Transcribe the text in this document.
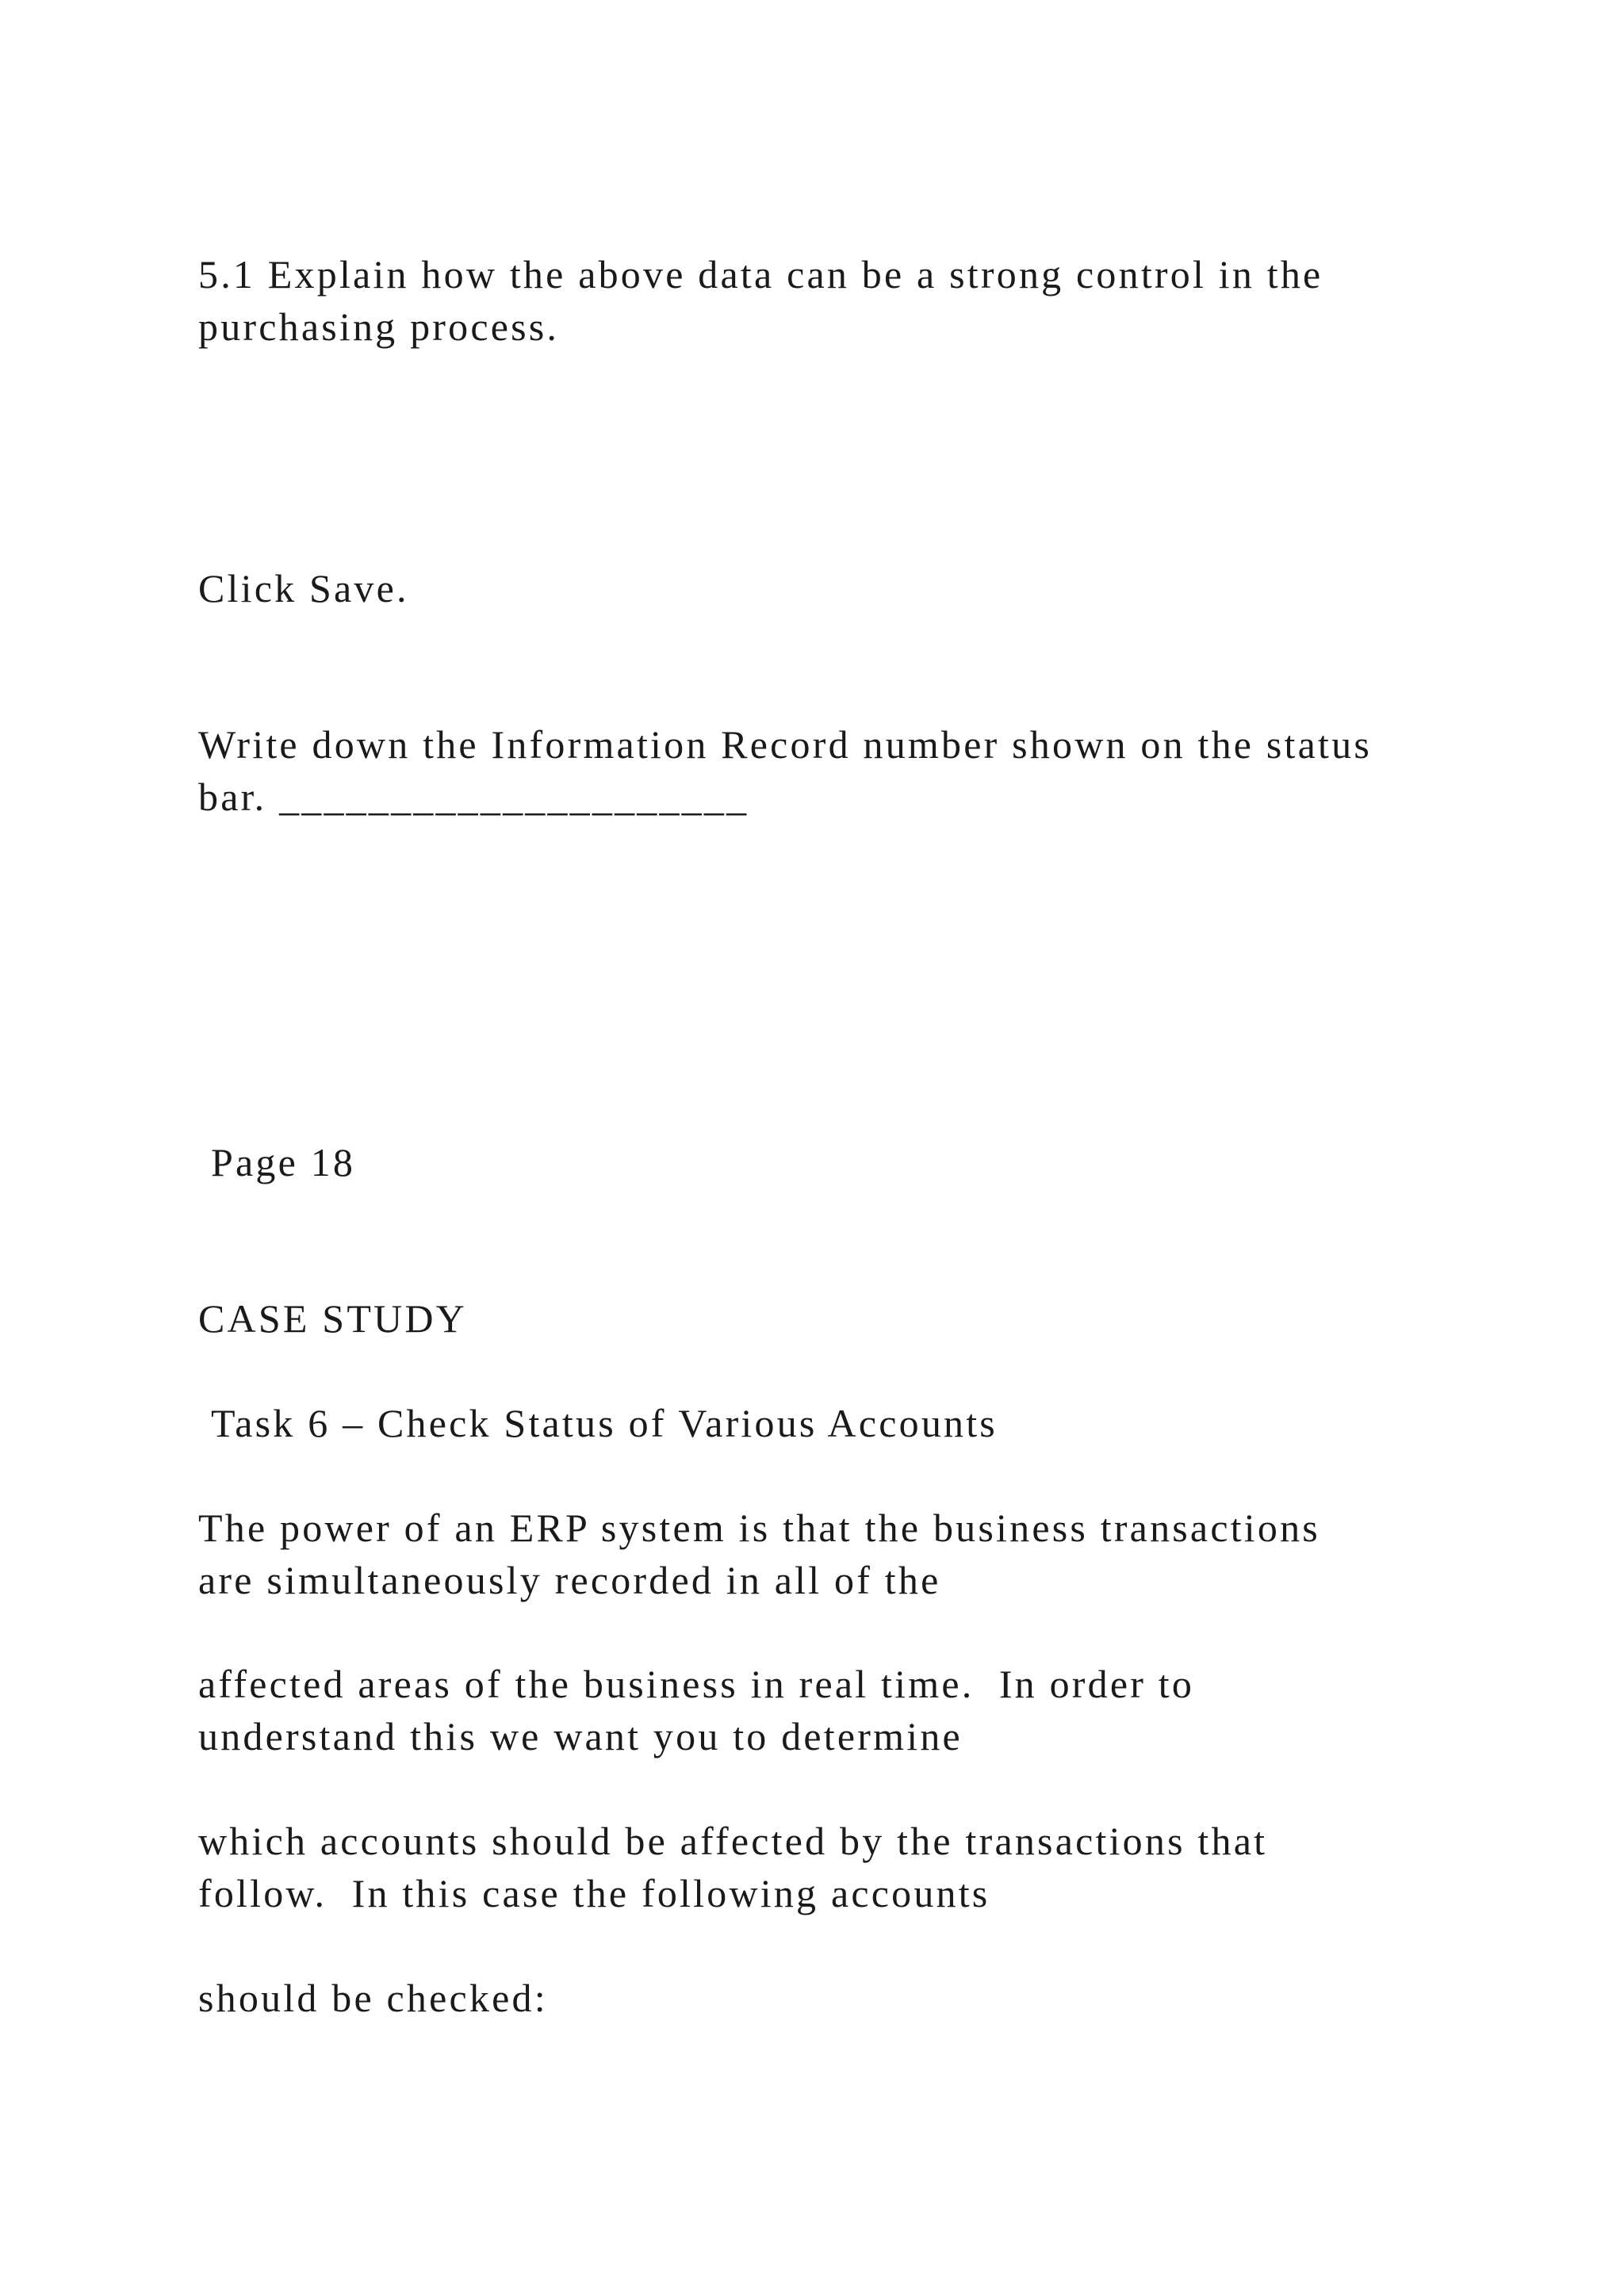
5.1 Explain how the above data can be a strong control in the

purchasing process.

Click Save.

Write down the Information Record number shown on the status

bar. _____________________

Page 18

CASE STUDY

Task 6 – Check Status of Various Accounts

The power of an ERP system is that the business transactions

are simultaneously recorded in all of the

affected areas of the business in real time.  In order to

understand this we want you to determine

which accounts should be affected by the transactions that

follow.  In this case the following accounts

should be checked:
